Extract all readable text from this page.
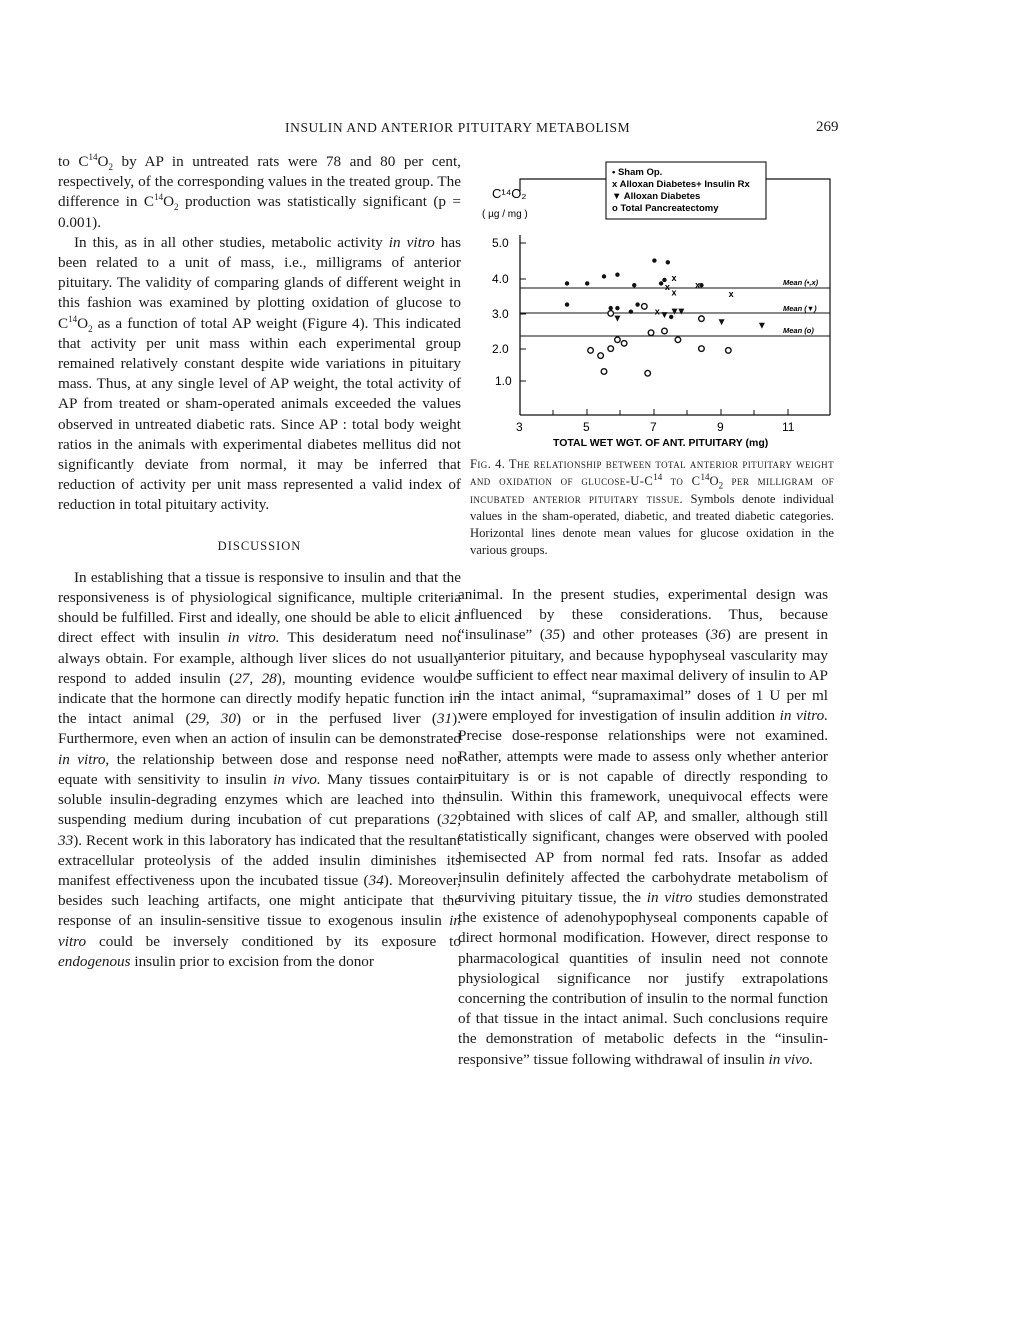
INSULIN AND ANTERIOR PITUITARY METABOLISM	269

to $C^{14}O_2$ by AP in untreated rats were 78 and 80 per cent, respectively, of the corresponding values in the treated group. The difference in $C^{14}O_2$ production was statistically significant (p = 0.001).

In this, as in all other studies, metabolic activity in vitro has been related to a unit of mass, i.e., milligrams of anterior pituitary. The validity of comparing glands of different weight in this fashion was examined by plotting oxidation of glucose to $C^{14}O_2$ as a function of total AP weight (Figure 4). This indicated that activity per unit mass within each experimental group remained relatively constant despite wide variations in pituitary mass. Thus, at any single level of AP weight, the total activity of AP from treated or sham-operated animals exceeded the values observed in untreated diabetic rats. Since AP : total body weight ratios in the animals with experimental diabetes mellitus did not significantly deviate from normal, it may be inferred that reduction of activity per unit mass represented a valid index of reduction in total pituitary activity.

DISCUSSION

In establishing that a tissue is responsive to insulin and that the responsiveness is of physiological significance, multiple criteria should be fulfilled. First and ideally, one should be able to elicit a direct effect with insulin in vitro. This desideratum need not always obtain. For example, although liver slices do not usually respond to added insulin (27, 28), mounting evidence would indicate that the hormone can directly modify hepatic function in the intact animal (29, 30) or in the perfused liver (31). Furthermore, even when an action of insulin can be demonstrated in vitro, the relationship between dose and response need not equate with sensitivity to insulin in vivo. Many tissues contain soluble insulin-degrading enzymes which are leached into the suspending medium during incubation of cut preparations (32, 33). Recent work in this laboratory has indicated that the resultant extracellular proteolysis of the added insulin diminishes its manifest effectiveness upon the incubated tissue (34). Moreover, besides such leaching artifacts, one might anticipate that the response of an insulin-sensitive tissue to exogenous insulin in vitro could be inversely conditioned by its exposure to endogenous insulin prior to excision from the donor

C¹⁴O₂
( µg / mg )
• Sham Op.
x Alloxan Diabetes+ Insulin Rx
▼ Alloxan Diabetes
o Total Pancreatectomy
5.0
4.0
3.0
2.0
1.0
3	5	7	9	11
TOTAL WET WGT. OF ANT. PITUITARY (mg)
Mean (•,x)
Mean (▼)
Mean (o)
x
x
x
x
x
x
Fig. 4. The relationship between total anterior pituitary weight and oxidation of glucose-$U-C^{14}$ to $C^{14}O_2$ per milligram of incubated anterior pituitary tissue. Symbols denote individual values in the sham-operated, diabetic, and treated diabetic categories. Horizontal lines denote mean values for glucose oxidation in the various groups.

animal. In the present studies, experimental design was influenced by these considerations. Thus, because “insulinase” (35) and other proteases (36) are present in anterior pituitary, and because hypophyseal vascularity may be sufficient to effect near maximal delivery of insulin to AP in the intact animal, “supramaximal” doses of 1 U per ml were employed for investigation of insulin addition in vitro. Precise dose-response relationships were not examined. Rather, attempts were made to assess only whether anterior pituitary is or is not capable of directly responding to insulin. Within this framework, unequivocal effects were obtained with slices of calf AP, and smaller, although still statistically significant, changes were observed with pooled hemisected AP from normal fed rats. Insofar as added insulin definitely affected the carbohydrate metabolism of surviving pituitary tissue, the in vitro studies demonstrated the existence of adenohypophyseal components capable of direct hormonal modification. However, direct response to pharmacological quantities of insulin need not connote physiological significance nor justify extrapolations concerning the contribution of insulin to the normal function of that tissue in the intact animal. Such conclusions require the demonstration of metabolic defects in the “insulin-responsive” tissue following withdrawal of insulin in vivo.
